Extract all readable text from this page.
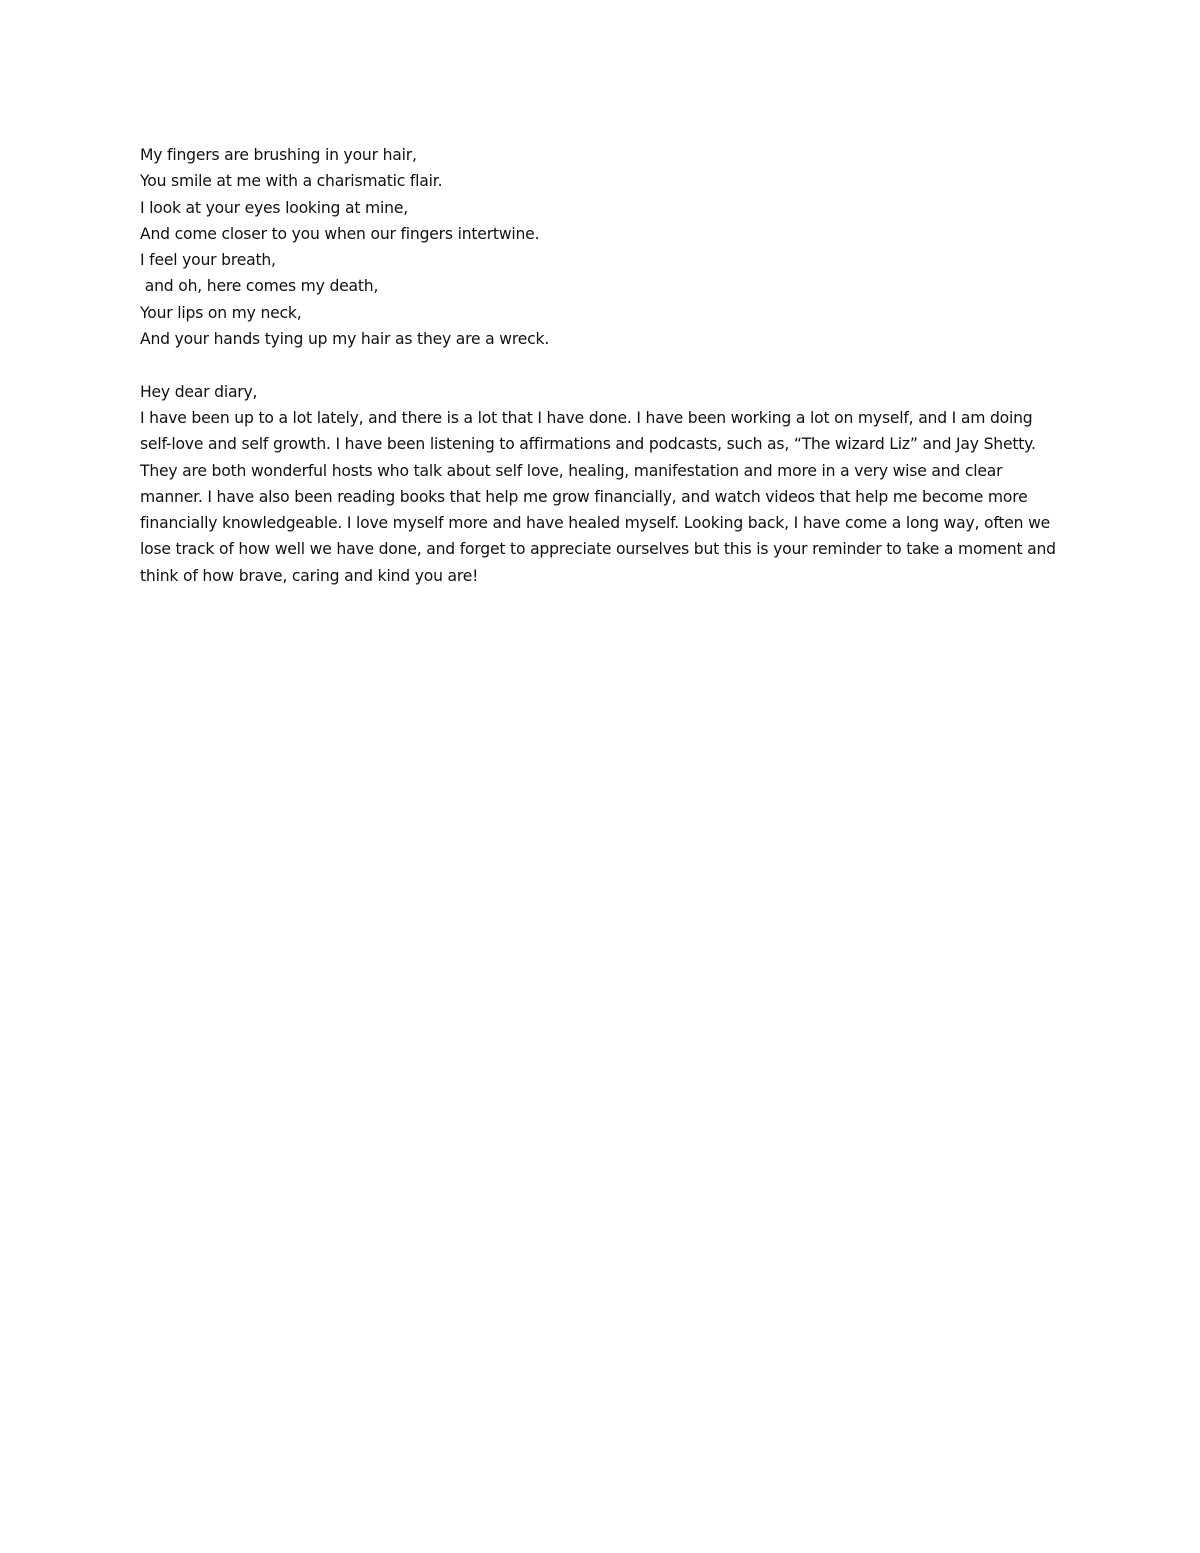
My fingers are brushing in your hair,

You smile at me with a charismatic flair.

I look at your eyes looking at mine,

And come closer to you when our fingers intertwine.

I feel your breath,

and oh, here comes my death,

Your lips on my neck,

And your hands tying up my hair as they are a wreck.

Hey dear diary,

I have been up to a lot lately, and there is a lot that I have done. I have been working a lot on myself, and I am doing self-love and self growth. I have been listening to affirmations and podcasts, such as, “The wizard Liz” and Jay Shetty. They are both wonderful hosts who talk about self love, healing, manifestation and more in a very wise and clear manner. I have also been reading books that help me grow financially, and watch videos that help me become more financially knowledgeable. I love myself more and have healed myself. Looking back, I have come a long way, often we lose track of how well we have done, and forget to appreciate ourselves but this is your reminder to take a moment and think of how brave, caring and kind you are!
